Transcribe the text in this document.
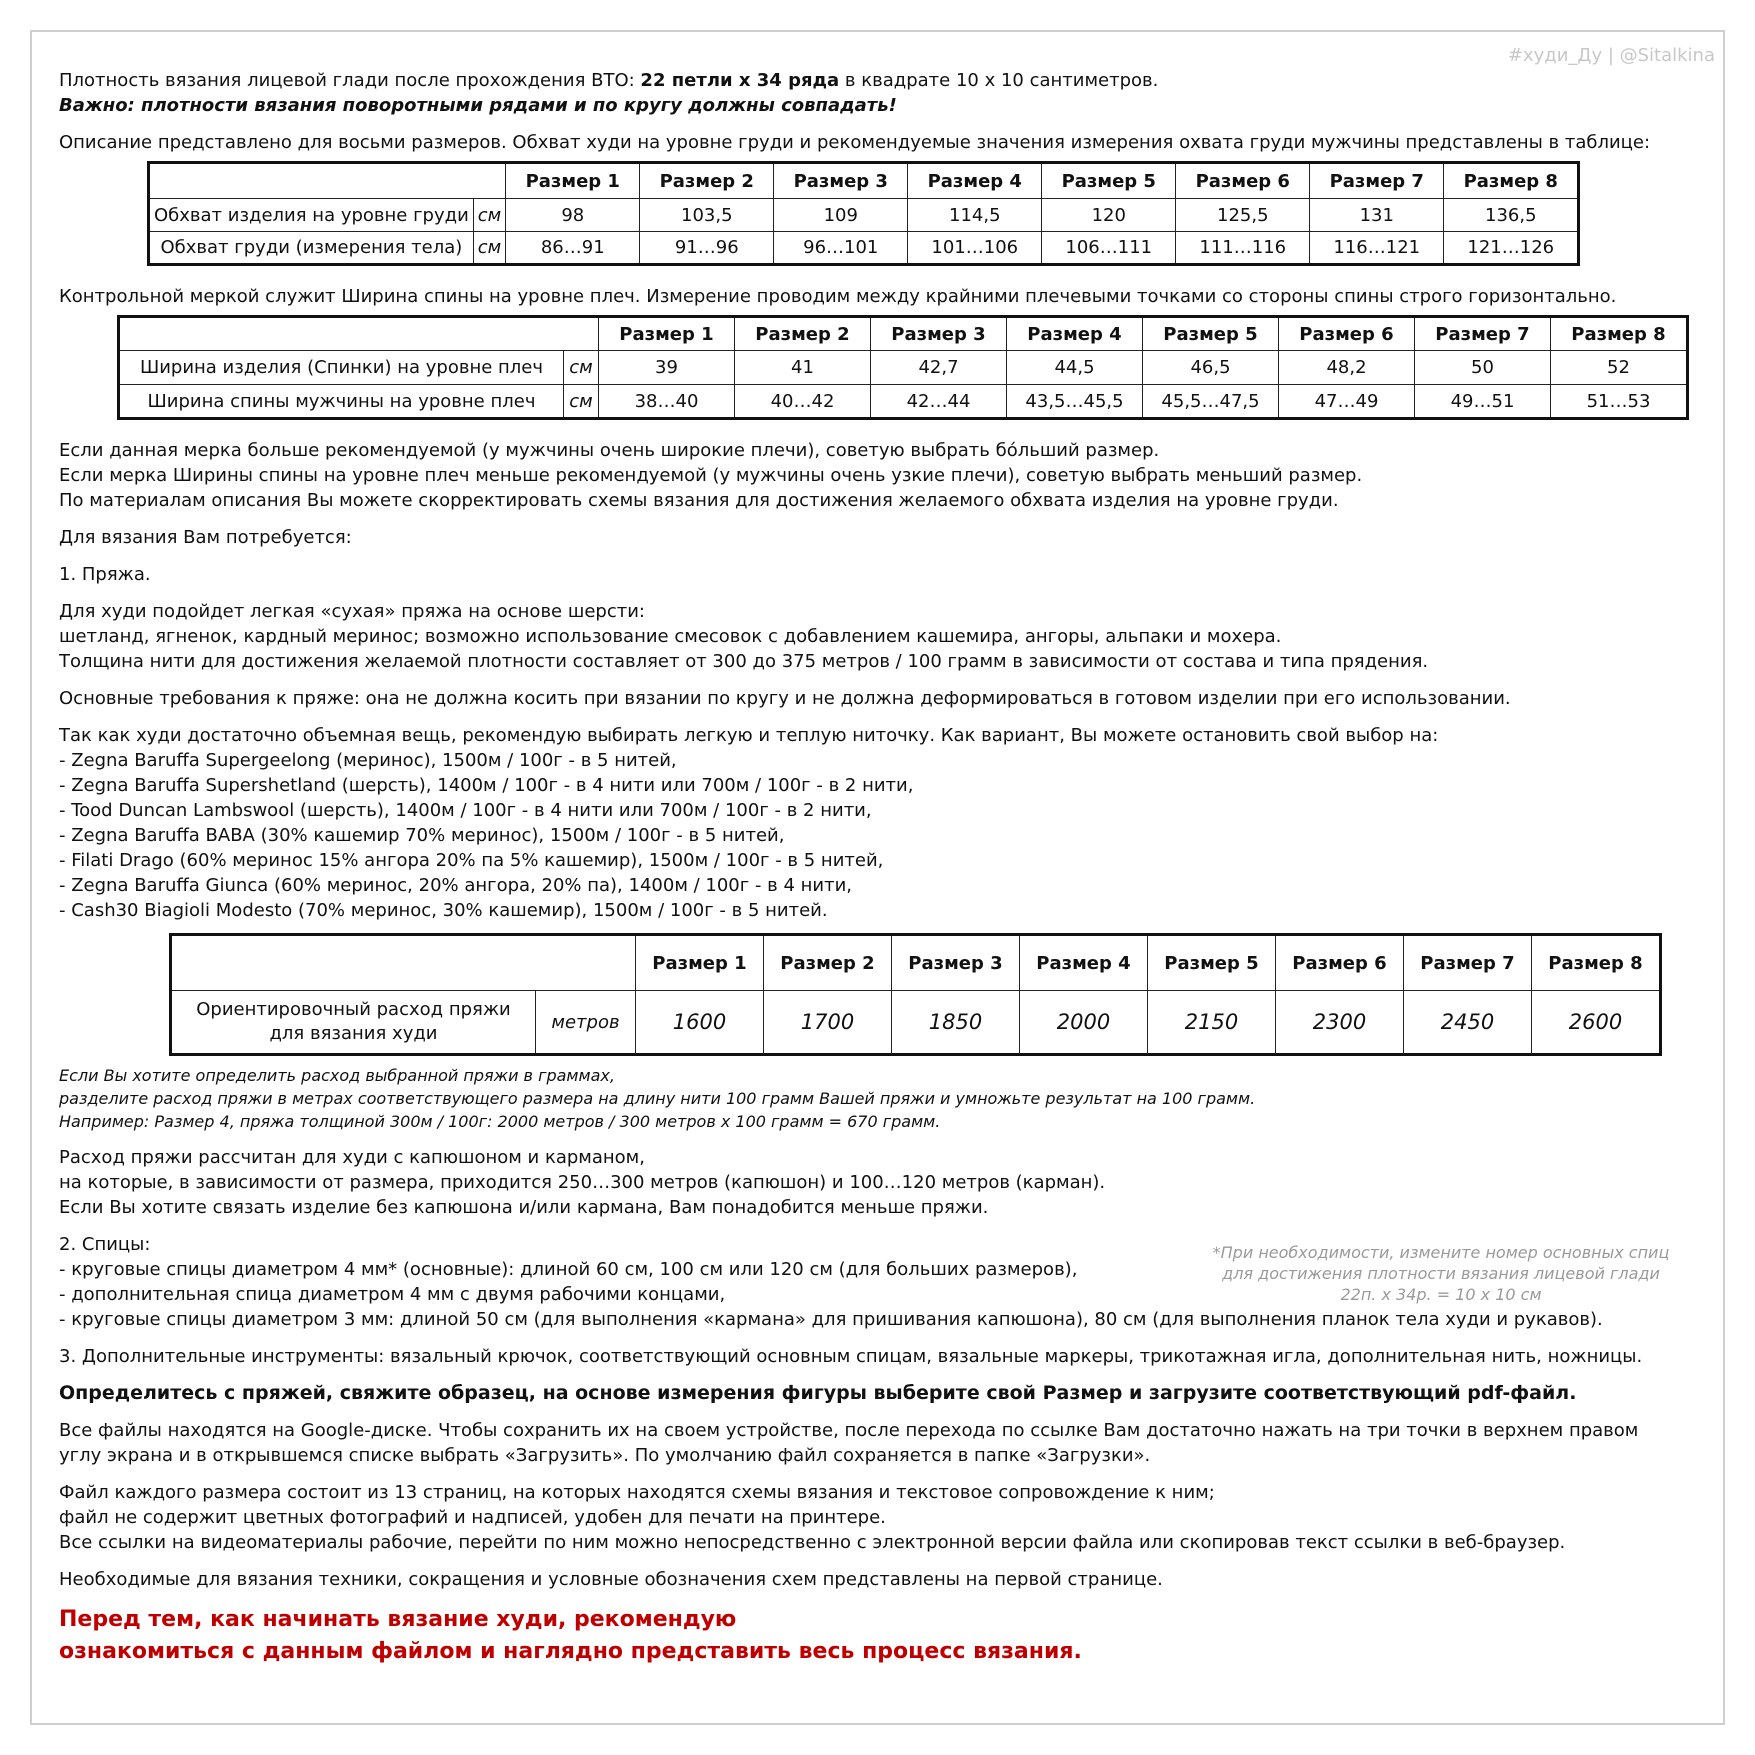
#худи_Ду | @Sitalkina
Плотность вязания лицевой глади после прохождения ВТО: 22 петли х 34 ряда в квадрате 10 х 10 сантиметров.
Важно: плотности вязания поворотными рядами и по кругу должны совпадать!

Описание представлено для восьми размеров. Обхват худи на уровне груди и рекомендуемые значения измерения охвата груди мужчины представлены в таблице:

		Размер 1	Размер 2	Размер 3	Размер 4	Размер 5	Размер 6	Размер 7	Размер 8
Обхват изделия на уровне груди	см	98	103,5	109	114,5	120	125,5	131	136,5
Обхват груди (измерения тела)	см	86…91	91…96	96…101	101…106	106…111	111…116	116…121	121…126

Контрольной меркой служит Ширина спины на уровне плеч. Измерение проводим между крайними плечевыми точками со стороны спины строго горизонтально.

		Размер 1	Размер 2	Размер 3	Размер 4	Размер 5	Размер 6	Размер 7	Размер 8
Ширина изделия (Спинки) на уровне плеч	см	39	41	42,7	44,5	46,5	48,2	50	52
Ширина спины мужчины на уровне плеч	см	38…40	40…42	42…44	43,5…45,5	45,5…47,5	47…49	49…51	51…53
Если данная мерка больше рекомендуемой (у мужчины очень широкие плечи), советую выбрать бóльший размер.
Если мерка Ширины спины на уровне плеч меньше рекомендуемой (у мужчины очень узкие плечи), советую выбрать меньший размер.
По материалам описания Вы можете скорректировать схемы вязания для достижения желаемого обхвата изделия на уровне груди.

Для вязания Вам потребуется:

1. Пряжа.

Для худи подойдет легкая «сухая» пряжа на основе шерсти:
шетланд, ягненок, кардный меринос; возможно использование смесовок с добавлением кашемира, ангоры, альпаки и мохера.
Толщина нити для достижения желаемой плотности составляет от 300 до 375 метров / 100 грамм в зависимости от состава и типа прядения.

Основные требования к пряже: она не должна косить при вязании по кругу и не должна деформироваться в готовом изделии при его использовании.

Так как худи достаточно объемная вещь, рекомендую выбирать легкую и теплую ниточку. Как вариант, Вы можете остановить свой выбор на:
- Zegna Baruffa Supergeelong (меринос), 1500м / 100г - в 5 нитей,
- Zegna Baruffa Supershetland (шерсть), 1400м / 100г - в 4 нити или 700м / 100г - в 2 нити,
- Tood Duncan Lambswool (шерсть), 1400м / 100г - в 4 нити или 700м / 100г - в 2 нити,
- Zegna Baruffa BABA (30% кашемир 70% меринос), 1500м / 100г - в 5 нитей,
- Filati Drago (60% меринос 15% ангора 20% па 5% кашемир), 1500м / 100г - в 5 нитей,
- Zegna Baruffa Giunca (60% меринос, 20% ангора, 20% па), 1400м / 100г - в 4 нити,
- Cash30 Biagioli Modesto (70% меринос, 30% кашемир), 1500м / 100г - в 5 нитей.
		Размер 1	Размер 2	Размер 3	Размер 4	Размер 5	Размер 6	Размер 7	Размер 8

Ориентировочный расход пряжи
для вязания худи	метров	1600	1700	1850	2000	2150	2300	2450	2600
Если Вы хотите определить расход выбранной пряжи в граммах,
разделите расход пряжи в метрах соответствующего размера на длину нити 100 грамм Вашей пряжи и умножьте результат на 100 грамм.
Например: Размер 4, пряжа толщиной 300м / 100г: 2000 метров / 300 метров х 100 грамм = 670 грамм.
Расход пряжи рассчитан для худи с капюшоном и карманом,
на которые, в зависимости от размера, приходится 250…300 метров (капюшон) и 100…120 метров (карман).
Если Вы хотите связать изделие без капюшона и/или кармана, Вам понадобится меньше пряжи.
2. Спицы:
- круговые спицы диаметром 4 мм* (основные): длиной 60 см, 100 см или 120 см (для больших размеров),
- дополнительная спица диаметром 4 мм с двумя рабочими концами,
- круговые спицы диаметром 3 мм: длиной 50 см (для выполнения «кармана» для пришивания капюшона), 80 см (для выполнения планок тела худи и рукавов).

3. Дополнительные инструменты: вязальный крючок, соответствующий основным спицам, вязальные маркеры, трикотажная игла, дополнительная нить, ножницы.

Определитесь с пряжей, свяжите образец, на основе измерения фигуры выберите свой Размер и загрузите соответствующий pdf-файл.

Все файлы находятся на Google-диске. Чтобы сохранить их на своем устройстве, после перехода по ссылке Вам достаточно нажать на три точки в верхнем правом
углу экрана и в открывшемся списке выбрать «Загрузить». По умолчанию файл сохраняется в папке «Загрузки».
Файл каждого размера состоит из 13 страниц, на которых находятся схемы вязания и текстовое сопровождение к ним;
файл не содержит цветных фотографий и надписей, удобен для печати на принтере.
Все ссылки на видеоматериалы рабочие, перейти по ним можно непосредственно с электронной версии файла или скопировав текст ссылки в веб-браузер.

Необходимые для вязания техники, сокращения и условные обозначения схем представлены на первой странице.

Перед тем, как начинать вязание худи, рекомендую
ознакомиться с данным файлом и наглядно представить весь процесс вязания.
*При необходимости, измените номер основных спиц
для достижения плотности вязания лицевой глади
22п. х 34р. = 10 х 10 см
